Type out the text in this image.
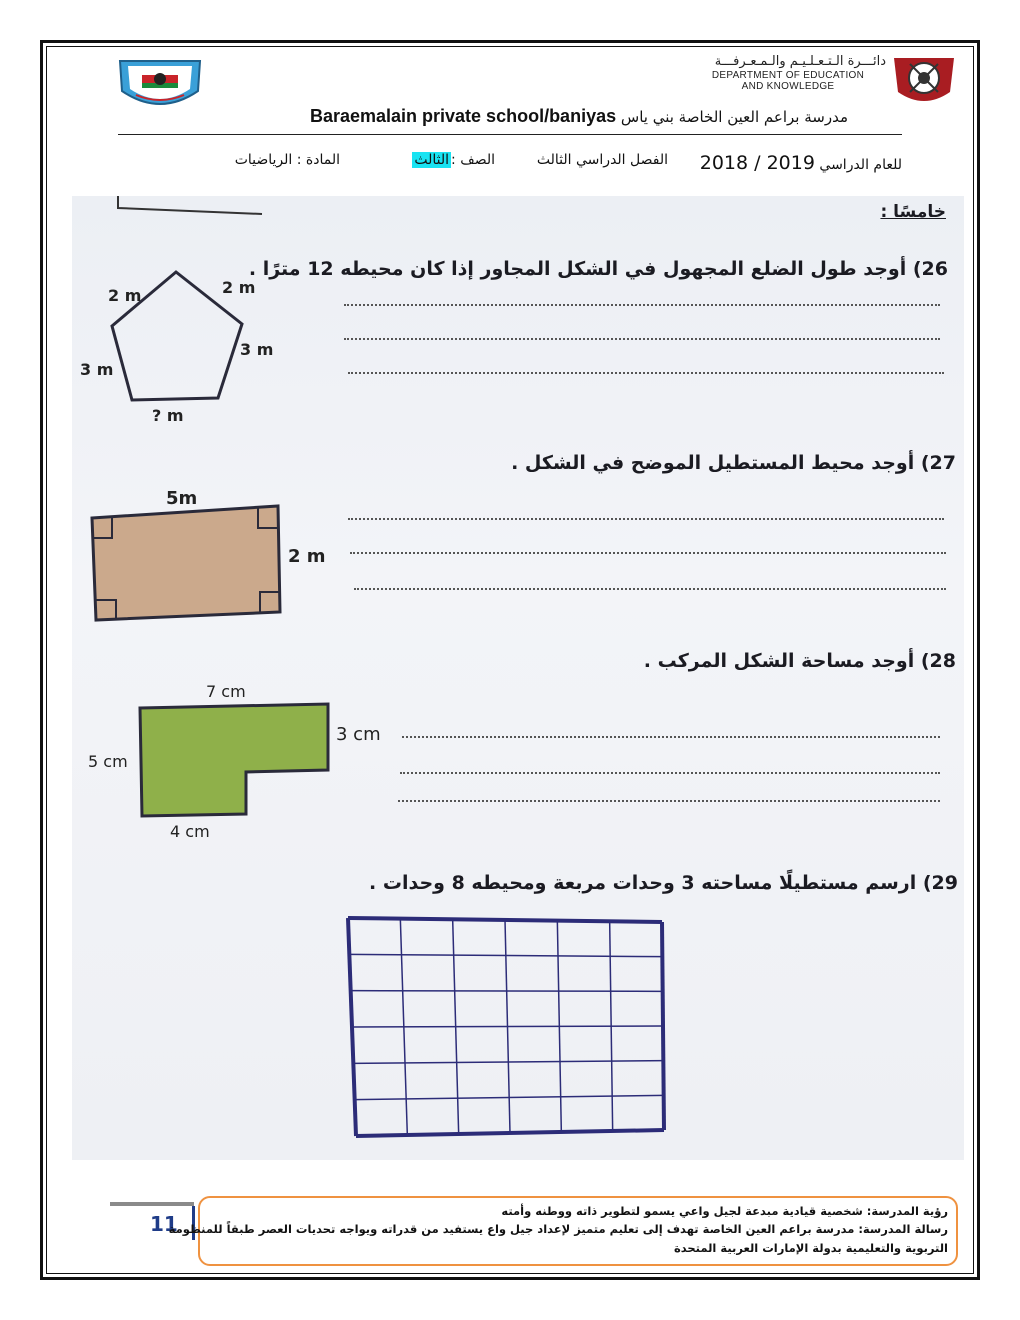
دائـــرة الـتـعـلـيـم والـمـعـرفـــة
DEPARTMENT OF EDUCATION
AND KNOWLEDGE
مدرسة براعم العين الخاصة بني ياس Baraemalain private school/baniyas
للعام الدراسي 2019 / 2018
الفصل الدراسي الثالث
الصف :الثالث
المادة : الرياضيات
خامسًا :
26) أوجد طول الضلع المجهول في الشكل المجاور إذا كان محيطه 12 مترًا .
2 m	2 m
3 m
3 m
? m
27) أوجد محيط المستطيل الموضح في الشكل .
5m
2 m
28) أوجد مساحة الشكل المركب .
7 cm
3 cm
5 cm
4 cm
29) ارسم مستطيلًا مساحته 3 وحدات مربعة ومحيطه 8 وحدات .
11
رؤية المدرسة: شخصية قيادية مبدعة لجيل واعي يسمو لتطوير ذاته ووطنه وأمته
رسالة المدرسة: مدرسة براعم العين الخاصة تهدف إلى تعليم متميز لإعداد جيل واع يستفيد من قدراته ويواجه تحديات العصر طبقاً للمنظومة
التربوية والتعليمية بدولة الإمارات العربية المتحدة
